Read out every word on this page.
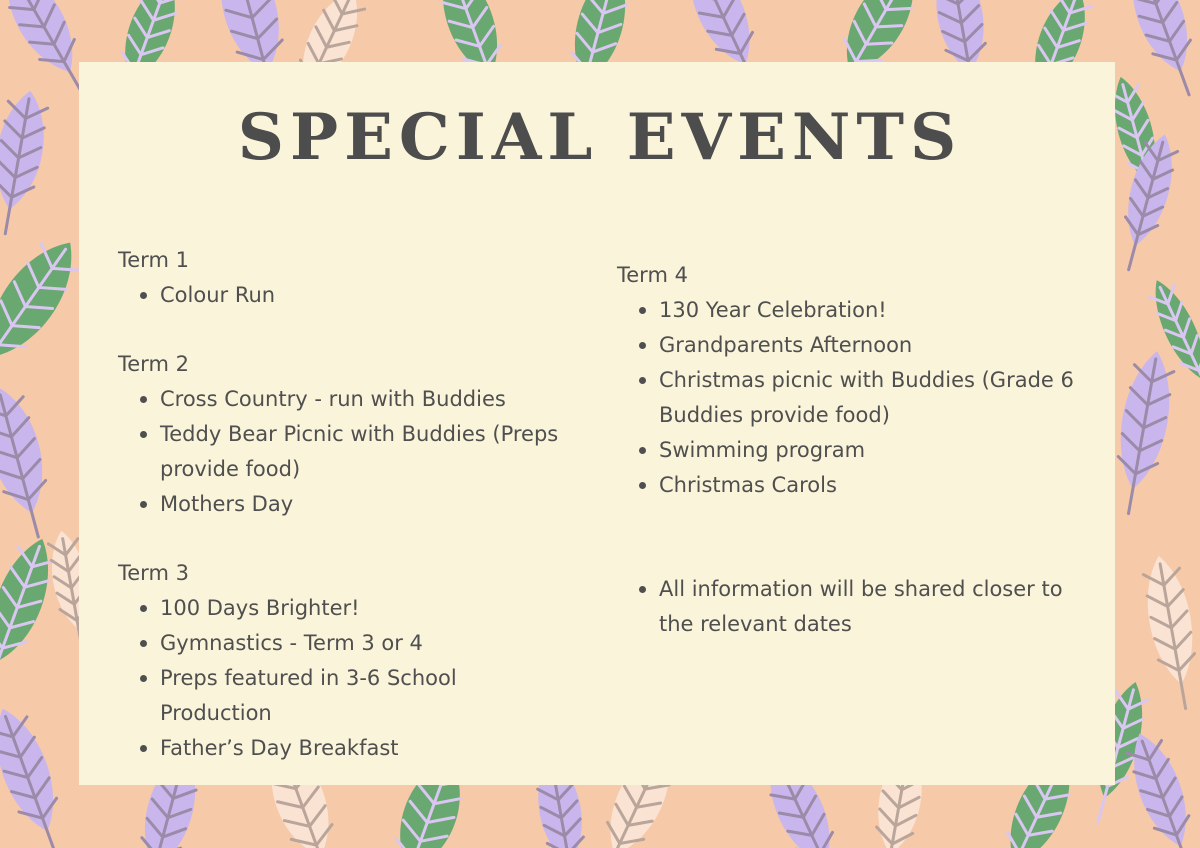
SPECIAL EVENTS

Term 1

Colour Run

Term 2

Cross Country - run with Buddies
Teddy Bear Picnic with Buddies (Preps provide food)
Mothers Day

Term 3

100 Days Brighter!
Gymnastics - Term 3 or 4
Preps featured in 3-6 School Production
Father’s Day Breakfast

Term 4

130 Year Celebration!
Grandparents Afternoon
Christmas picnic with Buddies (Grade 6 Buddies provide food)
Swimming program
Christmas Carols
All information will be shared closer to the relevant dates
